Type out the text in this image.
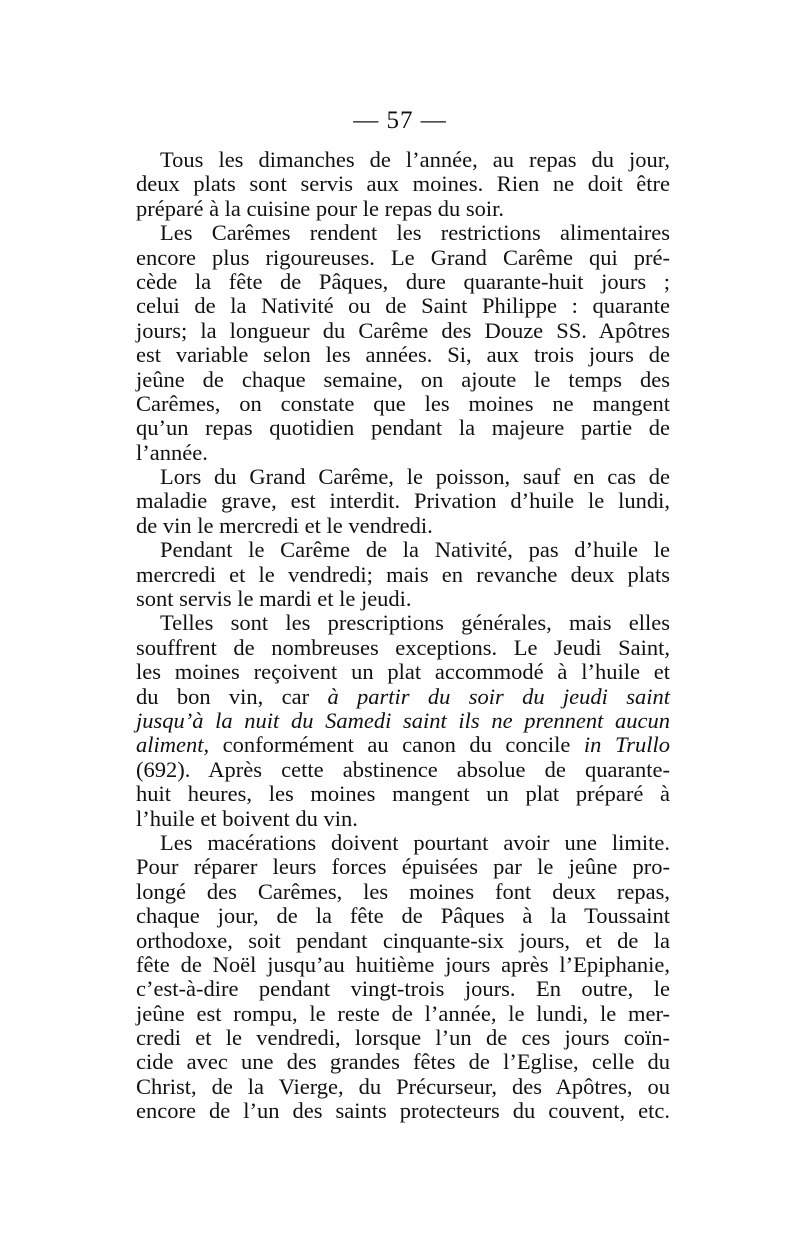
— 57 —
Tous les dimanches de l’année, au repas du jour,
deux plats sont servis aux moines. Rien ne doit être
préparé à la cuisine pour le repas du soir.
Les Carêmes rendent les restrictions alimentaires
encore plus rigoureuses. Le Grand Carême qui pré-
cède la fête de Pâques, dure quarante-huit jours ;
celui de la Nativité ou de Saint Philippe : quarante
jours; la longueur du Carême des Douze SS. Apôtres
est variable selon les années. Si, aux trois jours de
jeûne de chaque semaine, on ajoute le temps des
Carêmes, on constate que les moines ne mangent
qu’un repas quotidien pendant la majeure partie de
l’année.
Lors du Grand Carême, le poisson, sauf en cas de
maladie grave, est interdit. Privation d’huile le lundi,
de vin le mercredi et le vendredi.
Pendant le Carême de la Nativité, pas d’huile le
mercredi et le vendredi; mais en revanche deux plats
sont servis le mardi et le jeudi.
Telles sont les prescriptions générales, mais elles
souffrent de nombreuses exceptions. Le Jeudi Saint,
les moines reçoivent un plat accommodé à l’huile et
du bon vin, car à partir du soir du jeudi saint
jusqu’à la nuit du Samedi saint ils ne prennent aucun
aliment, conformément au canon du concile in Trullo
(692). Après cette abstinence absolue de quarante-
huit heures, les moines mangent un plat préparé à
l’huile et boivent du vin.
Les macérations doivent pourtant avoir une limite.
Pour réparer leurs forces épuisées par le jeûne pro-
longé des Carêmes, les moines font deux repas,
chaque jour, de la fête de Pâques à la Toussaint
orthodoxe, soit pendant cinquante-six jours, et de la
fête de Noël jusqu’au huitième jours après l’Epiphanie,
c’est-à-dire pendant vingt-trois jours. En outre, le
jeûne est rompu, le reste de l’année, le lundi, le mer-
credi et le vendredi, lorsque l’un de ces jours coïn-
cide avec une des grandes fêtes de l’Eglise, celle du
Christ, de la Vierge, du Précurseur, des Apôtres, ou
encore de l’un des saints protecteurs du couvent, etc.
